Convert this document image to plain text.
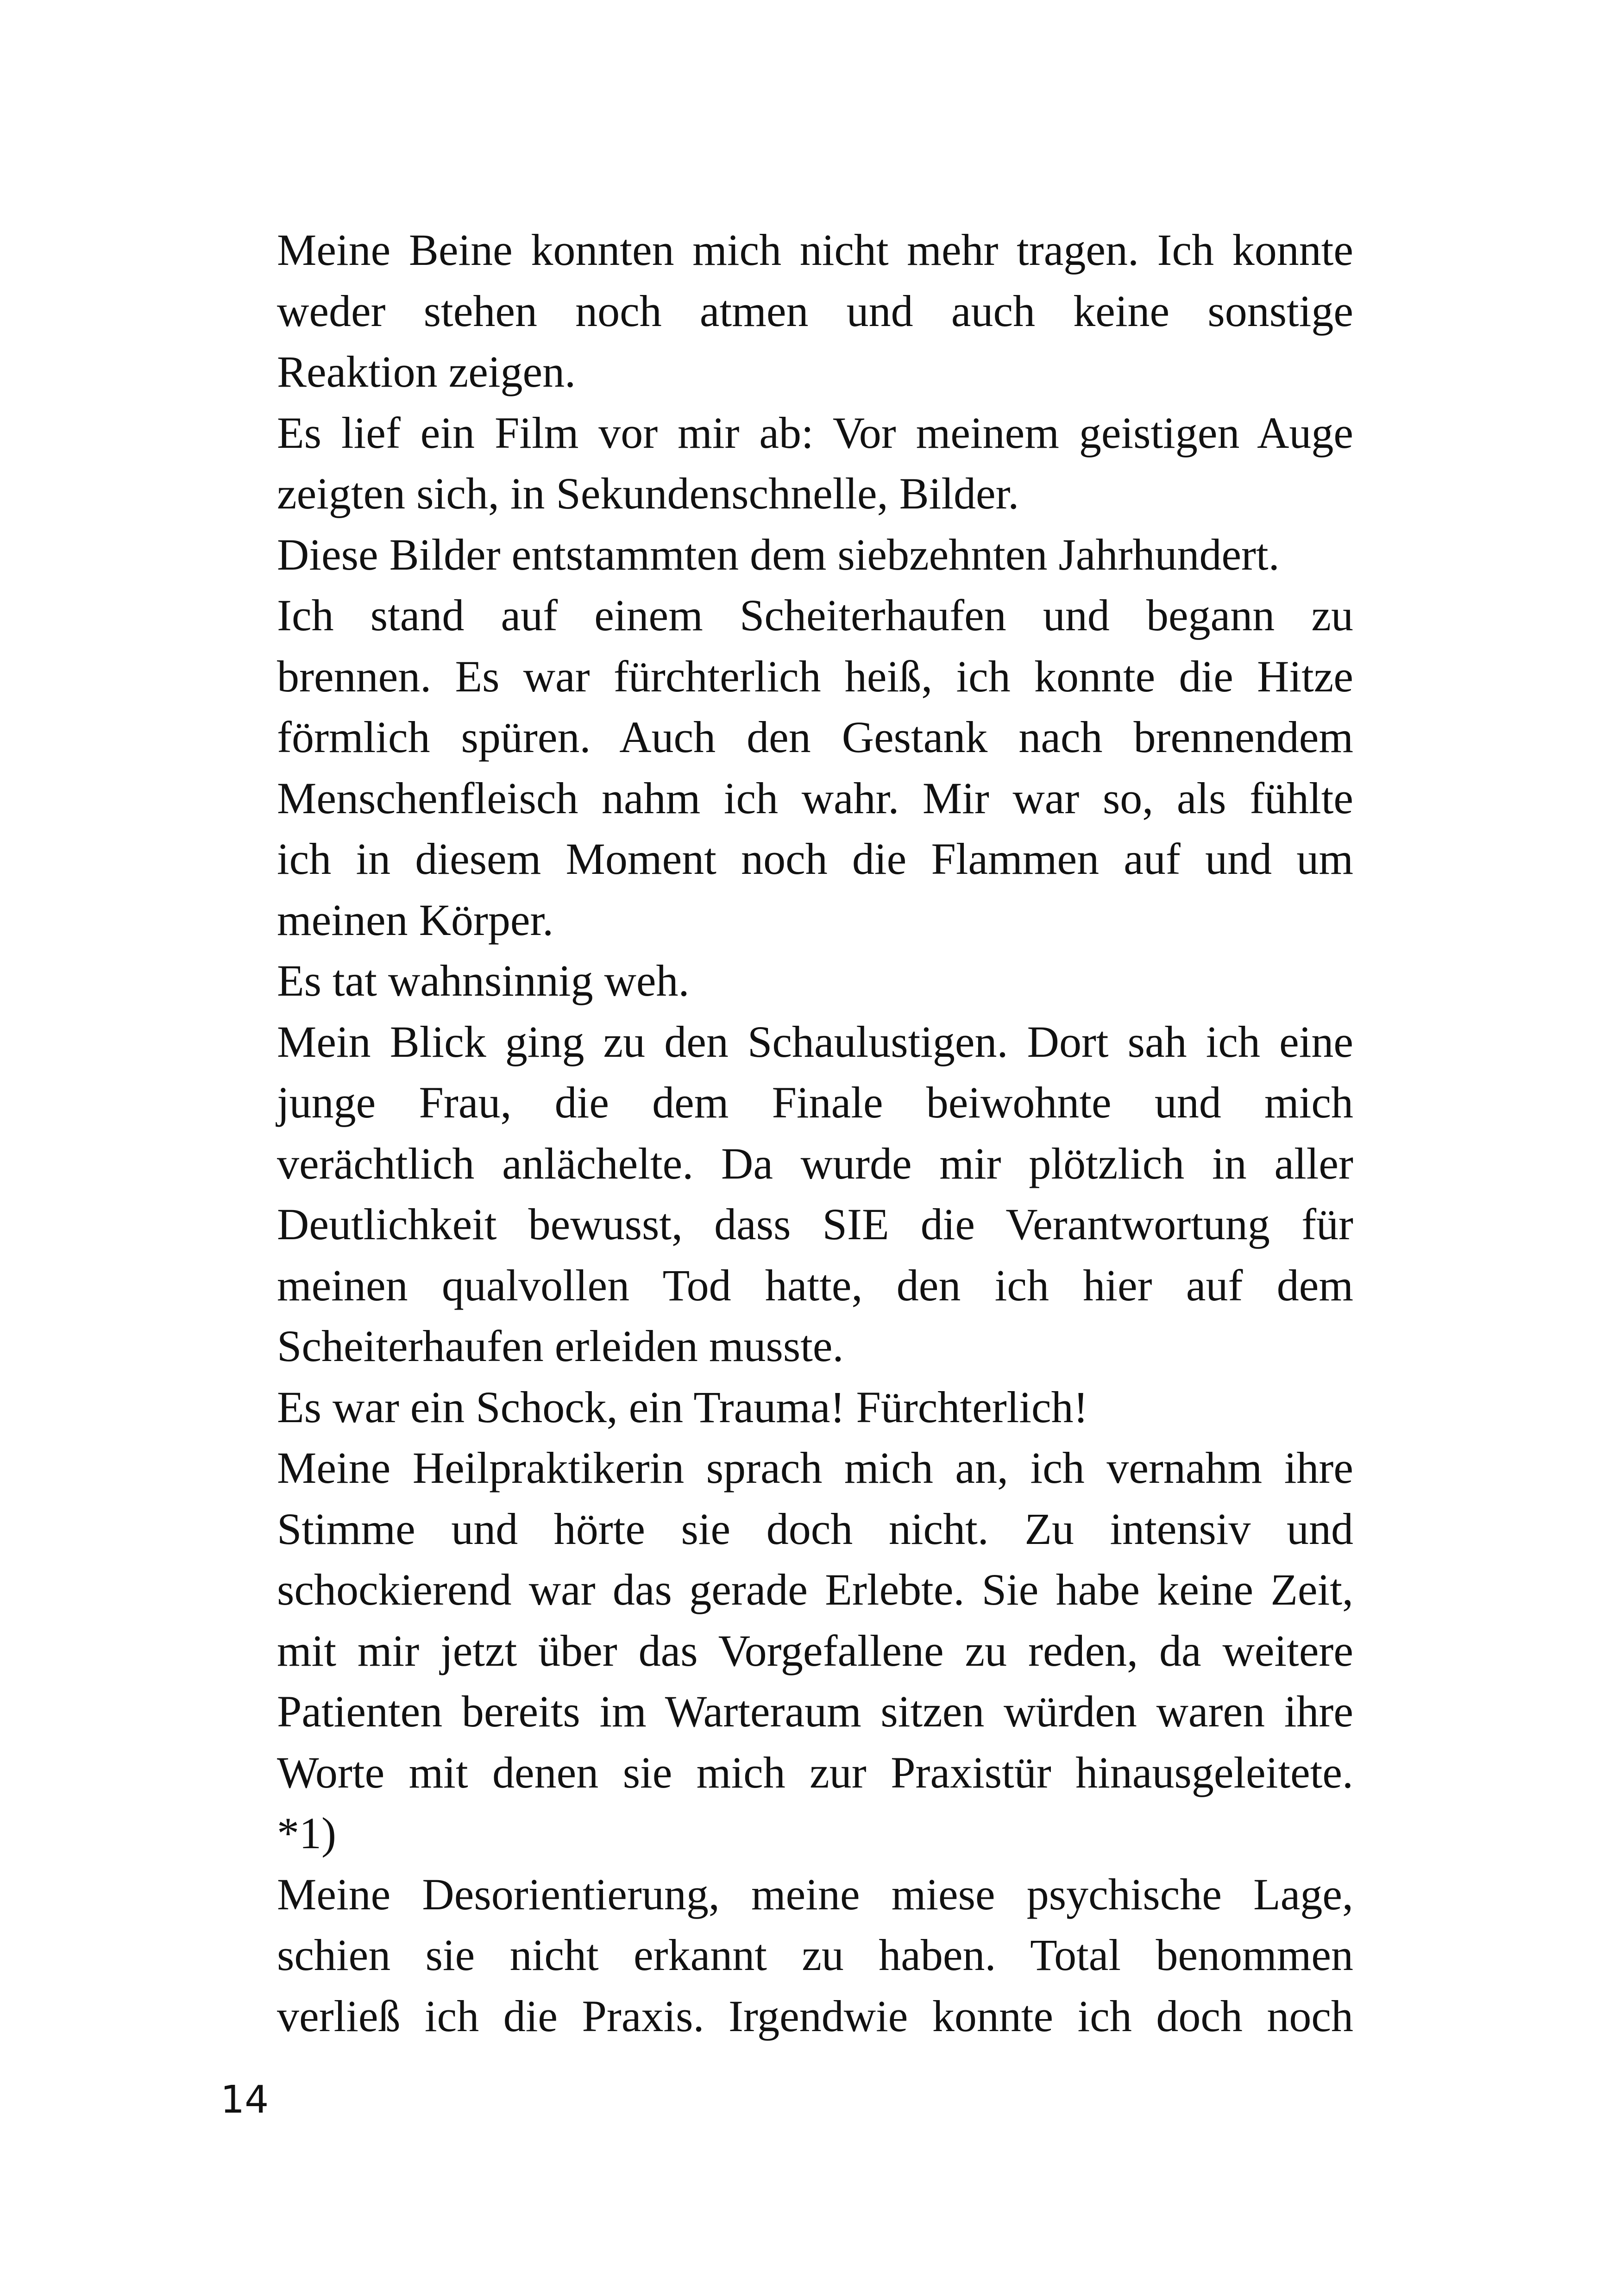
Meine Beine konnten mich nicht mehr tragen. Ich konnte
weder stehen noch atmen und auch keine sonstige
Reaktion zeigen.
Es lief ein Film vor mir ab: Vor meinem geistigen Auge
zeigten sich, in Sekundenschnelle, Bilder.
Diese Bilder entstammten dem siebzehnten Jahrhundert.
Ich stand auf einem Scheiterhaufen und begann zu
brennen. Es war fürchterlich heiß, ich konnte die Hitze
förmlich spüren. Auch den Gestank nach brennendem
Menschenfleisch nahm ich wahr. Mir war so, als fühlte
ich in diesem Moment noch die Flammen auf und um
meinen Körper.
Es tat wahnsinnig weh.
Mein Blick ging zu den Schaulustigen. Dort sah ich eine
junge Frau, die dem Finale beiwohnte und mich
verächtlich anlächelte. Da wurde mir plötzlich in aller
Deutlichkeit bewusst, dass SIE die Verantwortung für
meinen qualvollen Tod hatte, den ich hier auf dem
Scheiterhaufen erleiden musste.
Es war ein Schock, ein Trauma! Fürchterlich!
Meine Heilpraktikerin sprach mich an, ich vernahm ihre
Stimme und hörte sie doch nicht. Zu intensiv und
schockierend war das gerade Erlebte. Sie habe keine Zeit,
mit mir jetzt über das Vorgefallene zu reden, da weitere
Patienten bereits im Warteraum sitzen würden waren ihre
Worte mit denen sie mich zur Praxistür hinausgeleitete.
*1)
Meine Desorientierung, meine miese psychische Lage,
schien sie nicht erkannt zu haben. Total benommen
verließ ich die Praxis. Irgendwie konnte ich doch noch
14
